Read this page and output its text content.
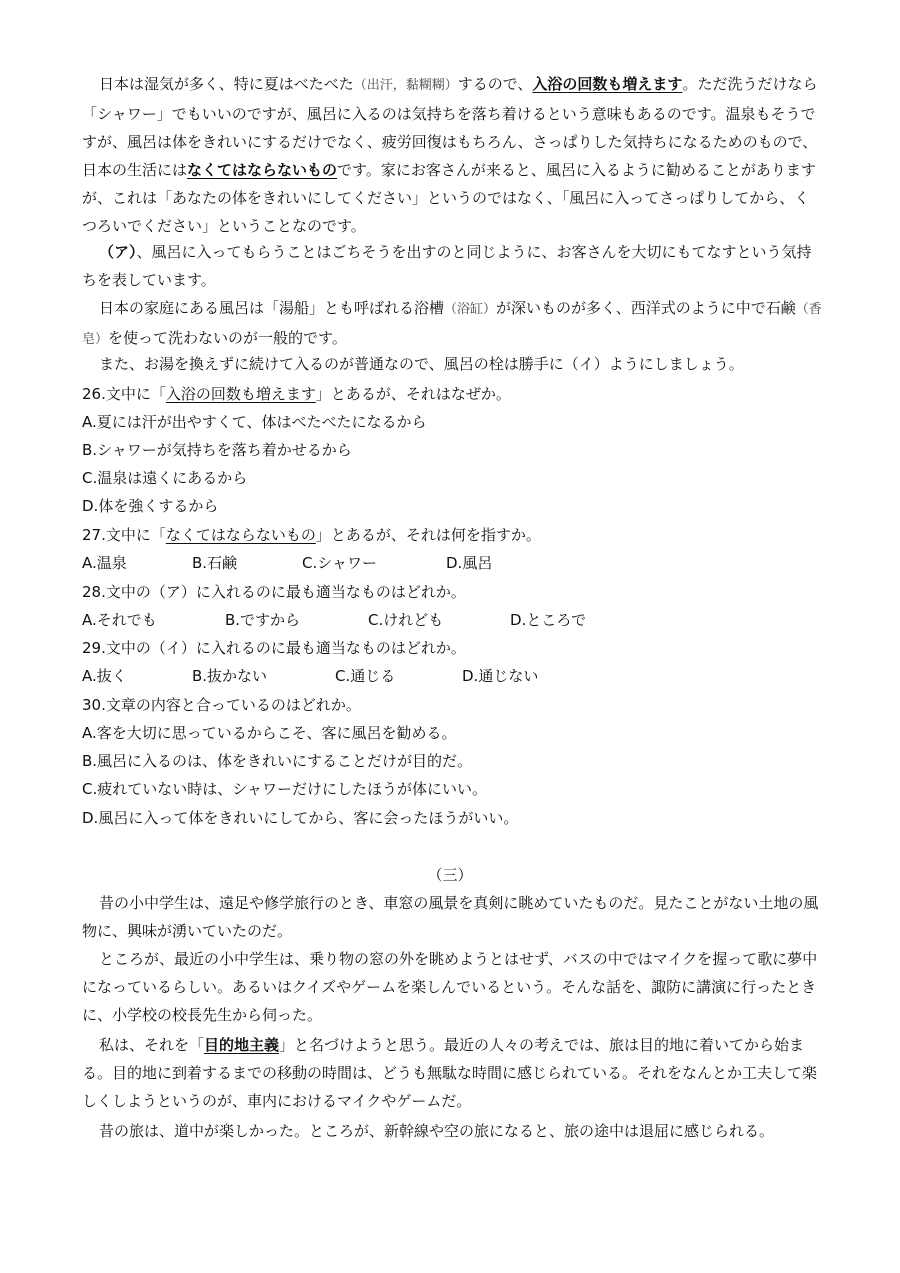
日本は湿気が多く、特に夏はべたべた（出汗，黏糊糊）するので、入浴の回数も増えます。ただ洗うだけなら「シャワー」でもいいのですが、風呂に入るのは気持ちを落ち着けるという意味もあるのです。温泉もそうですが、風呂は体をきれいにするだけでなく、疲労回復はもちろん、さっぱりした気持ちになるためのもので、日本の生活にはなくてはならないものです。家にお客さんが来ると、風呂に入るように勧めることがありますが、これは「あなたの体をきれいにしてください」というのではなく、「風呂に入ってさっぱりしてから、くつろいでください」ということなのです。

（ア）、風呂に入ってもらうことはごちそうを出すのと同じように、お客さんを大切にもてなすという気持ちを表しています。

日本の家庭にある風呂は「湯船」とも呼ばれる浴槽（浴缸）が深いものが多く、西洋式のように中で石鹸（香皂）を使って洗わないのが一般的です。

また、お湯を換えずに続けて入るのが普通なので、風呂の栓は勝手に（イ）ようにしましょう。

26.文中に「入浴の回数も増えます」とあるが、それはなぜか。

A.夏には汗が出やすくて、体はべたべたになるから

B.シャワーが気持ちを落ち着かせるから

C.温泉は遠くにあるから

D.体を強くするから

27.文中に「なくてはならないもの」とあるが、それは何を指すか。

A.温泉	B.石鹸	C.シャワー	D.風呂

28.文中の（ア）に入れるのに最も適当なものはどれか。

A.それでも	B.ですから	C.けれども	D.ところで

29.文中の（イ）に入れるのに最も適当なものはどれか。

A.抜く	B.抜かない	C.通じる	D.通じない

30.文章の内容と合っているのはどれか。

A.客を大切に思っているからこそ、客に風呂を勧める。

B.風呂に入るのは、体をきれいにすることだけが目的だ。

C.疲れていない時は、シャワーだけにしたほうが体にいい。

D.風呂に入って体をきれいにしてから、客に会ったほうがいい。

（三）

昔の小中学生は、遠足や修学旅行のとき、車窓の風景を真剣に眺めていたものだ。見たことがない土地の風物に、興味が湧いていたのだ。

ところが、最近の小中学生は、乗り物の窓の外を眺めようとはせず、バスの中ではマイクを握って歌に夢中になっているらしい。あるいはクイズやゲームを楽しんでいるという。そんな話を、諏防に講演に行ったときに、小学校の校長先生から伺った。

私は、それを「目的地主義」と名づけようと思う。最近の人々の考えでは、旅は目的地に着いてから始まる。目的地に到着するまでの移動の時間は、どうも無駄な時間に感じられている。それをなんとか工夫して楽しくしようというのが、車内におけるマイクやゲームだ。

昔の旅は、道中が楽しかった。ところが、新幹線や空の旅になると、旅の途中は退屈に感じられる。
